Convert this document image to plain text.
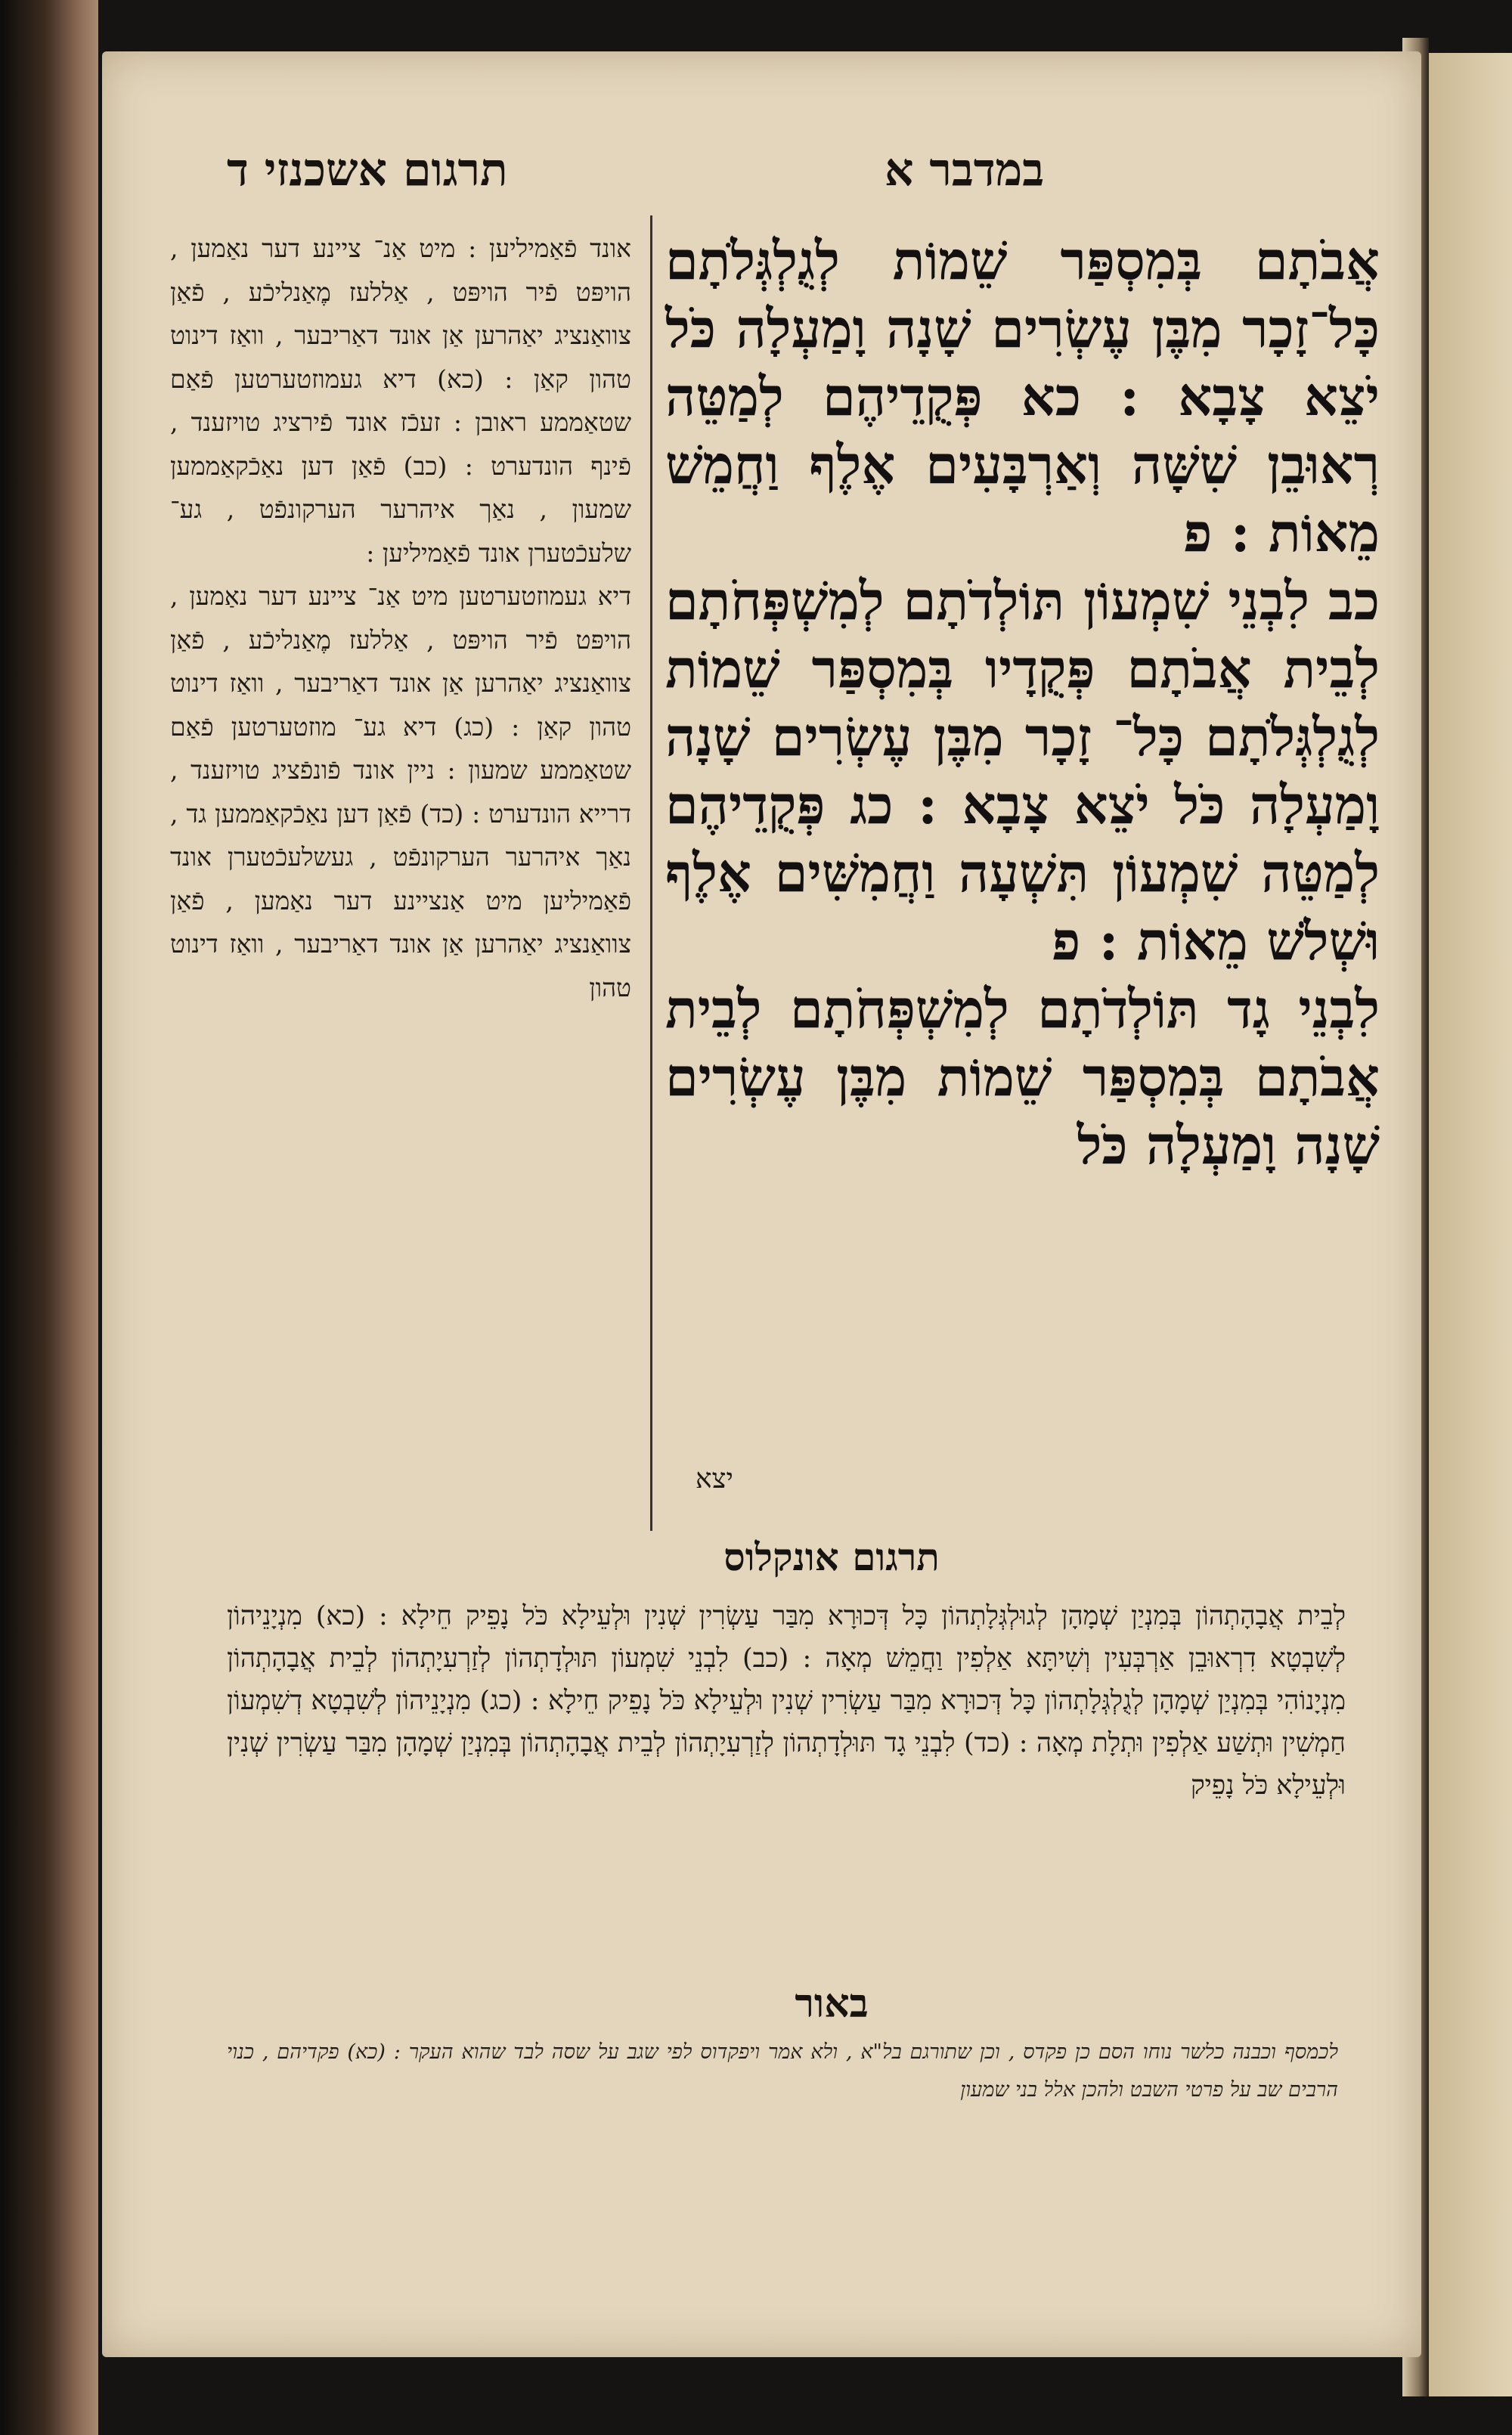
תרגום אשכנזי ד	במדבר א

אונד פֿאַמיליען : מיט אַנ־ ציינע דער נאַמען , הויפּט פֿיר הויפּט , אַללעז מֶאַנליכֿע , פֿאַן צוואַנציג יאַהרען אַן אונד דאַריבער , וואַז דינוט טהון קאַן : (כא) דיא געמוזטערטען פֿאַם שטאַממע ראובן : זעכֿז אונד פֿירציג טויזענד , פֿינף הונדערט : (כב) פֿאַן דען נאַכֿקאַממען שמעון , נאַך איהרער הערקונפֿט , גע־ שלעכֿטערן אונד פֿאַמיליען :

דיא געמוזטערטען מיט אַנ־ ציינע דער נאַמען , הויפּט פֿיר הויפּט , אַללעז מֶאַנליכֿע , פֿאַן צוואַנציג יאַהרען אַן אונד דאַריבער , וואַז דינוט טהון קאַן : (כג) דיא גע־ מוזטערטען פֿאַם שטאַממע שמעון : ניין אונד פֿונפֿציג טויזענד , דרייא הונדערט : (כד) פֿאַן דען נאַכֿקאַממען גד , נאַך איהרער הערקונפֿט , געשלעכֿטערן אונד פֿאַמיליען מיט אַנציינע דער נאַמען , פֿאַן צוואַנציג יאַהרען אַן אונד דאַריבער , וואַז דינוט טהון

אֲבֹתָם בְּמִסְפַּר שֵׁמוֹת לְגֻלְגְּלֹתָם כָּל־זָכָר מִבֶּן עֶשְׂרִים שָׁנָה וָמַעְלָה כֹּל יֹצֵא צָבָא : כא פְּקֻדֵיהֶם לְמַטֵּה רְאוּבֵן שִׁשָּׁה וְאַרְבָּעִים אֶלֶף וַחֲמֵשׁ מֵאוֹת : פ

כב לִבְנֵי שִׁמְעוֹן תּוֹלְדֹתָם לְמִשְׁפְּחֹתָם לְבֵית אֲבֹתָם פְּקֻדָיו בְּמִסְפַּר שֵׁמוֹת לְגֻלְגְּלֹתָם כָּל־ זָכָר מִבֶּן עֶשְׂרִים שָׁנָה וָמַעְלָה כֹּל יֹצֵא צָבָא : כג פְּקֻדֵיהֶם לְמַטֵּה שִׁמְעוֹן תִּשְׁעָה וַחֲמִשִּׁים אֶלֶף וּשְׁלֹשׁ מֵאוֹת : פ

לִבְנֵי גָד תּוֹלְדֹתָם לְמִשְׁפְּחֹתָם לְבֵית אֲבֹתָם בְּמִסְפַּר שֵׁמוֹת מִבֶּן עֶשְׂרִים שָׁנָה וָמַעְלָה כֹּל

יצא
תרגום אונקלוס
לְבֵית אֲבָהָתְהוֹן בְּמִנְיַן שְׁמָהָן לְגוּלְגְּלָתְהוֹן כָּל דְּכוּרָא מִבַּר עַשְׂרִין שְׁנִין וּלְעֵילָא כֹּל נָפֵיק חֵילָא : (כא) מִנְיָנֵיהוֹן לְשִׁבְטָא דִרְאוּבֵן אַרְבְּעִין וְשִׁיתָּא אַלְפִין וַחֲמֵשׁ מְאָה : (כב) לִבְנֵי שִׁמְעוֹן תּוּלְדָתְהוֹן לְזַרְעִיָתְהוֹן לְבֵית אֲבָהָתְהוֹן מִנְיָנוֹהִי בְּמִנְיַן שְׁמָהָן לְגֻלְגְּלָתְהוֹן כָּל דְּכוּרָא מִבַּר עַשְׂרִין שְׁנִין וּלְעֵילָא כֹּל נָפֵיק חֵילָא : (כג) מִנְיָנֵיהוֹן לְשִׁבְטָא דְשִׁמְעוֹן חַמְשִׁין וּתְשַׁע אַלְפִין וּתְלָת מְאָה : (כד) לִבְנֵי גָד תּוּלְדָתְהוֹן לְזַרְעִיָתְהוֹן לְבֵית אֲבָהָתְהוֹן בְּמִנְיַן שְׁמָהָן מִבַּר עַשְׂרִין שְׁנִין וּלְעֵילָא כֹּל נָפֵיק
באור
לכמסף וכבנה כלשר נוחו הסם כן פקדס , וכן שתורגם בל"א , ולא אמר ויפקדוס לפי שגב על שסה לבד שהוא העקר : (כא) פקדיהם , כנוי הרבים שב על פרטי השבט ולהכן אלל בני שמעון
